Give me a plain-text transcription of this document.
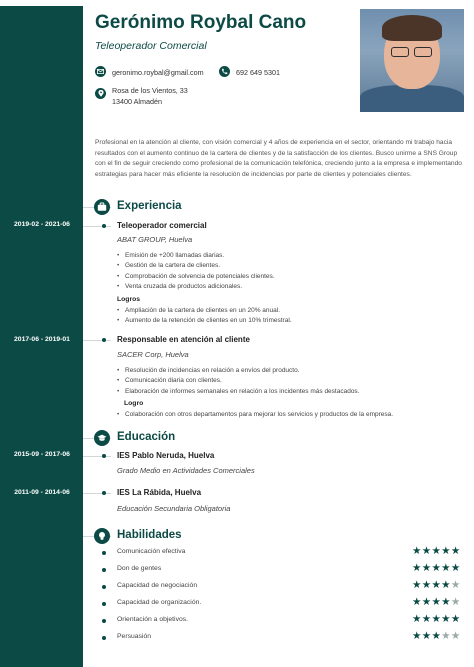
Gerónimo Roybal Cano
Teleoperador Comercial
geronimo.roybal@gmail.com	692 649 5301
Rosa de los Vientos, 33
13400 Almadén
Profesional en la atención al cliente, con visión comercial y 4 años de experiencia en el sector, orientando mi trabajo hacia resultados con el aumento continuo de la cartera de clientes y de la satisfacción de los clientes. Busco unirme a SNS Group con el fin de seguir creciendo como profesional de la comunicación telefónica, creciendo junto a la empresa e implementando estrategias para hacer más eficiente la resolución de incidencias por parte de clientes y potenciales clientes.
Experiencia
2019-02 - 2021-06	Teleoperador comercial
ABAT GROUP, Huelva
• Emisión de +200 llamadas diarias.
• Gestión de la cartera de clientes.
• Comprobación de solvencia de potenciales clientes.
• Venta cruzada de productos adicionales.
Logros
• Ampliación de la cartera de clientes en un 20% anual.
• Aumento de la retención de clientes en un 10% trimestral.
2017-06 - 2019-01	Responsable en atención al cliente
SACER Corp, Huelva
• Resolución de incidencias en relación a envíos del producto.
• Comunicación diaria con clientes.
• Elaboración de informes semanales en relación a los incidentes más destacados.
Logro
• Colaboración con otros departamentos para mejorar los servicios y productos de la empresa.
Educación
2015-09 - 2017-06	IES Pablo Neruda, Huelva
Grado Medio en Actividades Comerciales
2011-09 - 2014-06	IES La Rábida, Huelva
Educación Secundaria Obligatoria
Habilidades
Comunicación efectiva	★★★★★
Don de gentes	★★★★★
Capacidad de negociación	★★★★★
Capacidad de organización.	★★★★★
Orientación a objetivos.	★★★★★
Persuasión	★★★★★
